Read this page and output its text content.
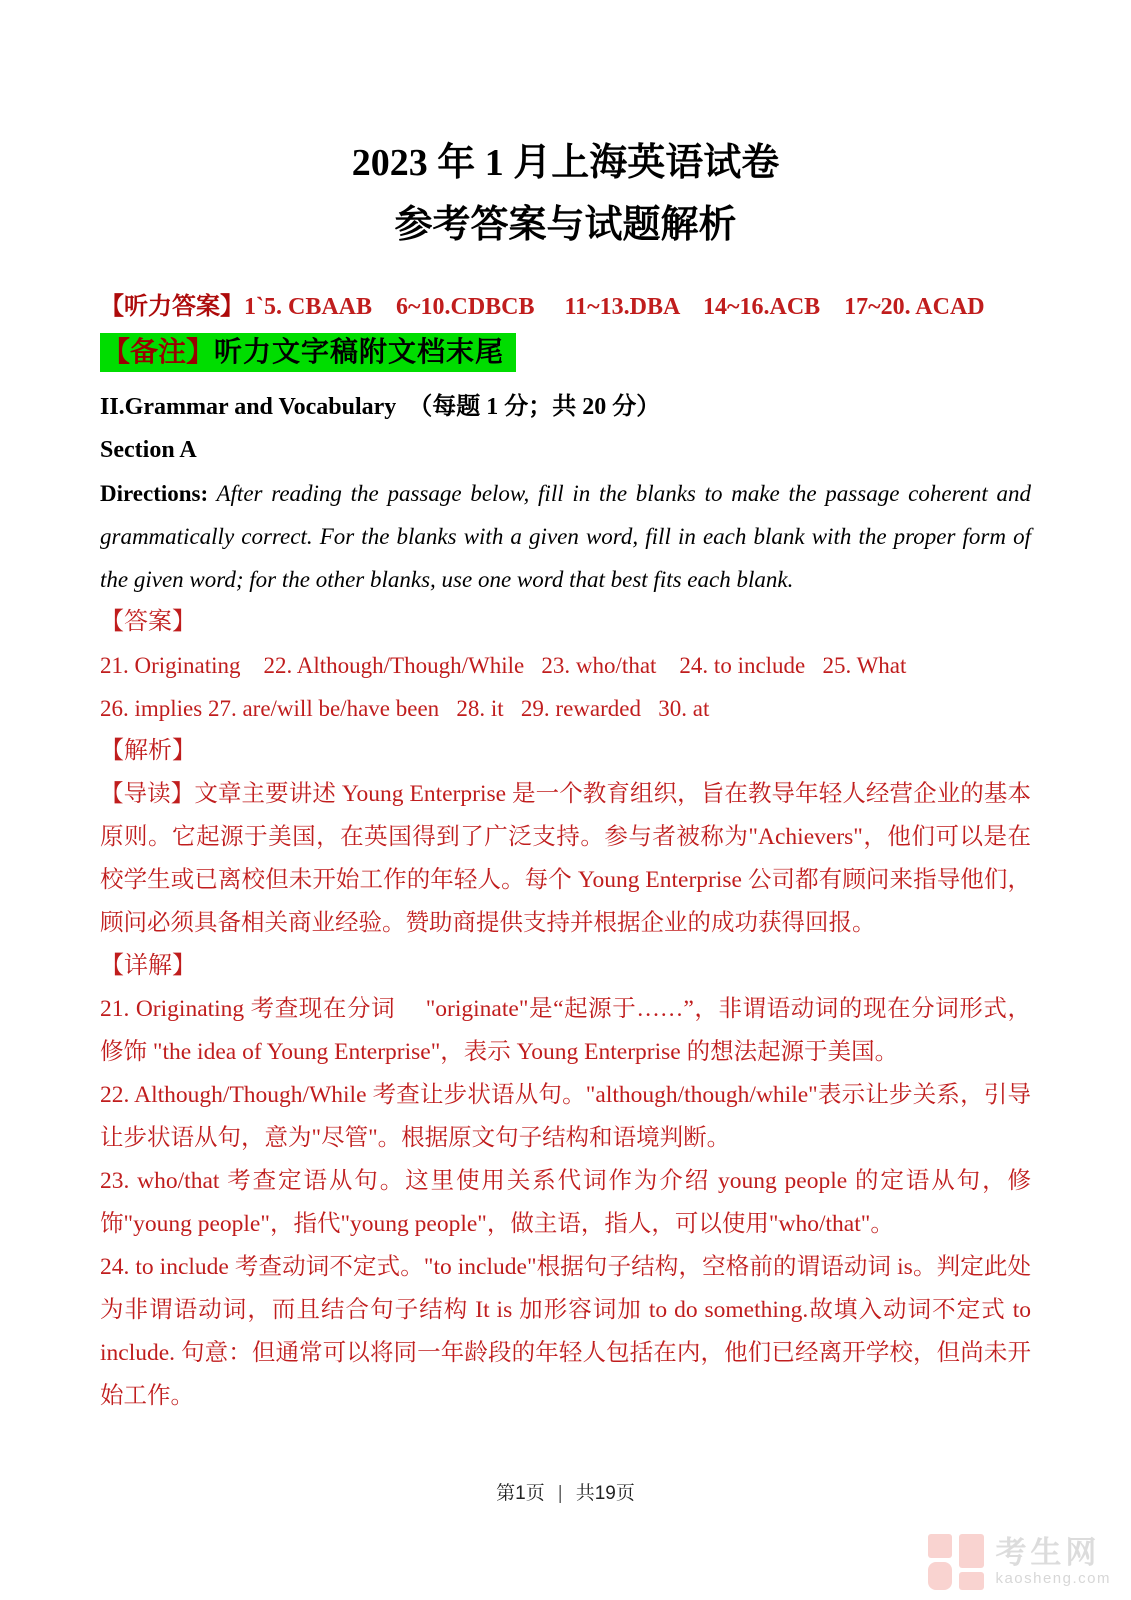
2023 年 1 月上海英语试卷
参考答案与试题解析

【听力答案】1`5. CBAAB    6~10.CDBCB     11~13.DBA    14~16.ACB    17~20. ACAD

【备注】听力文字稿附文档末尾
II.Grammar and Vocabulary  （每题 1 分；共 20 分）
Section A

Directions: After reading the passage below, fill in the blanks to make the passage coherent and grammatically correct. For the blanks with a given word, fill in each blank with the proper form of the given word; for the other blanks, use one word that best fits each blank.

【答案】

21. Originating    22. Although/Though/While   23. who/that    24. to include   25. What

26. implies 27. are/will be/have been   28. it   29. rewarded   30. at

【解析】

【导读】文章主要讲述 Young Enterprise 是一个教育组织，旨在教导年轻人经营企业的基本原则。它起源于美国，在英国得到了广泛支持。参与者被称为"Achievers"，他们可以是在校学生或已离校但未开始工作的年轻人。每个 Young Enterprise 公司都有顾问来指导他们，顾问必须具备相关商业经验。赞助商提供支持并根据企业的成功获得回报。

【详解】

21. Originating 考查现在分词　 "originate"是“起源于……”，非谓语动词的现在分词形式，修饰 "the idea of Young Enterprise"，表示 Young Enterprise 的想法起源于美国。

22. Although/Though/While 考查让步状语从句。"although/though/while"表示让步关系，引导让步状语从句，意为"尽管"。根据原文句子结构和语境判断。

23. who/that 考查定语从句。这里使用关系代词作为介绍 young people 的定语从句，修饰"young people"，指代"young people"，做主语，指人，可以使用"who/that"。

24. to include 考查动词不定式。"to include"根据句子结构，空格前的谓语动词 is。判定此处为非谓语动词，而且结合句子结构 It is 加形容词加 to do something.故填入动词不定式 to include. 句意：但通常可以将同一年龄段的年轻人包括在内，他们已经离开学校，但尚未开始工作。

第1页 | 共19页
考生网
kaosheng.com
